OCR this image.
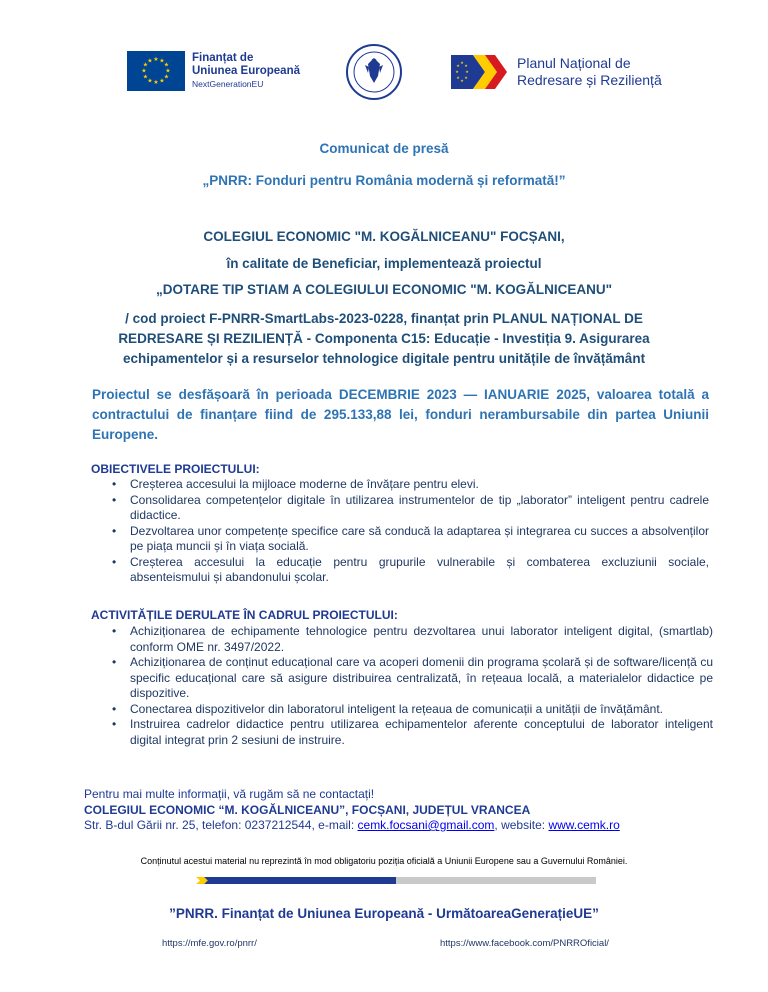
★ ★
★
★
★
★
★
★
★
★
★
★	Finanțat de
Uniunea Europeană
NextGenerationEU
★
★
★
★
★
★
★
★	Planul Național de
Redresare și Reziliență
Comunicat de presă
„PNRR: Fonduri pentru România modernă și reformată!”
COLEGIUL ECONOMIC "M. KOGĂLNICEANU" FOCȘANI,
în calitate de Beneficiar, implementează proiectul
„DOTARE TIP STIAM A COLEGIULUI ECONOMIC "M. KOGĂLNICEANU"
/ cod proiect F-PNRR-SmartLabs-2023-0228, finanțat prin PLANUL NAȚIONAL DE REDRESARE ȘI REZILIENȚĂ - Componenta C15: Educație - Investiția 9. Asigurarea echipamentelor și a resurselor tehnologice digitale pentru unitățile de învățământ
Proiectul se desfășoară în perioada DECEMBRIE 2023 — IANUARIE 2025, valoarea totală a contractului de finanțare fiind de 295.133,88 lei, fonduri nerambursabile din partea Uniunii Europene.
OBIECTIVELE PROIECTULUI:
• Creșterea accesului la mijloace moderne de învățare pentru elevi.
• Consolidarea competențelor digitale în utilizarea instrumentelor de tip „laborator” inteligent pentru cadrele didactice.
• Dezvoltarea unor competențe specifice care să conducă la adaptarea și integrarea cu succes a absolvenților pe piața muncii și în viața socială.
• Creșterea accesului la educație pentru grupurile vulnerabile și combaterea excluziunii sociale, absenteismului și abandonului școlar.
ACTIVITĂȚILE DERULATE ÎN CADRUL PROIECTULUI:
• Achiziționarea de echipamente tehnologice pentru dezvoltarea unui laborator inteligent digital, (smartlab) conform OME nr. 3497/2022.
• Achiziționarea de conținut educațional care va acoperi domenii din programa școlară și de software/licență cu specific educațional care să asigure distribuirea centralizată, în rețeaua locală, a materialelor didactice pe dispozitive.
• Conectarea dispozitivelor din laboratorul inteligent la rețeaua de comunicații a unității de învățământ.
• Instruirea cadrelor didactice pentru utilizarea echipamentelor aferente conceptului de laborator inteligent digital integrat prin 2 sesiuni de instruire.
Pentru mai multe informații, vă rugăm să ne contactați!
COLEGIUL ECONOMIC “M. KOGĂLNICEANU”, FOCȘANI, JUDEȚUL VRANCEA
Str. B-dul Gării nr. 25, telefon: 0237212544, e-mail: cemk.focsani@gmail.com, website: www.cemk.ro
Conținutul acestui material nu reprezintă în mod obligatoriu poziția oficială a Uniunii Europene sau a Guvernului României.
”PNRR. Finanțat de Uniunea Europeană - UrmătoareaGenerațieUE”
https://mfe.gov.ro/pnrr/	https://www.facebook.com/PNRROficial/
